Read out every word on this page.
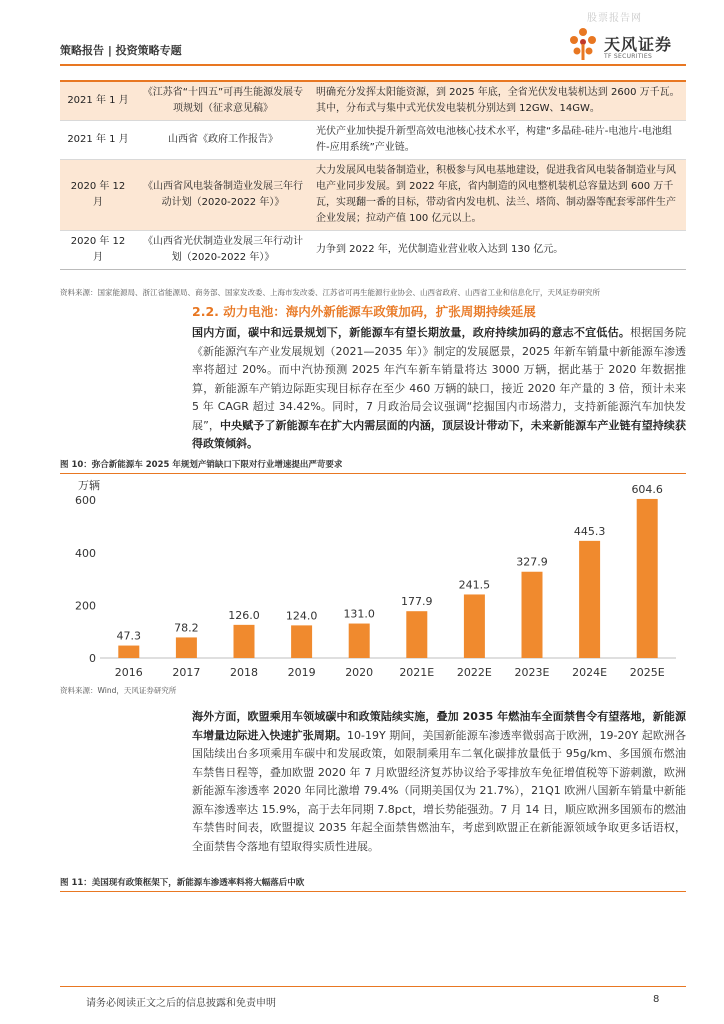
股票报告网
策略报告 | 投资策略专题	天风证券
TF SECURITIES
2021 年 1 月	《江苏省“十四五”可再生能源发展专项规划（征求意见稿》	明确充分发挥太阳能资源，到 2025 年底，全省光伏发电装机达到 2600 万千瓦。其中，分布式与集中式光伏发电装机分别达到 12GW、14GW。
2021 年 1 月	山西省《政府工作报告》	光伏产业加快提升新型高效电池核心技术水平，构建“多晶硅-硅片-电池片-电池组件-应用系统”产业链。
2020 年 12 月	《山西省风电装备制造业发展三年行动计划（2020-2022 年）》	大力发展风电装备制造业，积极参与风电基地建设，促进我省风电装备制造业与风电产业同步发展。到 2022 年底，省内制造的风电整机装机总容量达到 600 万千瓦，实现翻一番的目标，带动省内发电机、法兰、塔筒、制动器等配套零部件生产企业发展；拉动产值 100 亿元以上。
2020 年 12 月	《山西省光伏制造业发展三年行动计划（2020-2022 年）》	力争到 2022 年，光伏制造业营业收入达到 130 亿元。
资料来源：国家能源局、浙江省能源局、商务部、国家发改委、上海市发改委、江苏省可再生能源行业协会、山西省政府、山西省工业和信息化厅，天风证券研究所
2.2. 动力电池：海内外新能源车政策加码，扩张周期持续延展
国内方面，碳中和远景规划下，新能源车有望长期放量，政府持续加码的意志不宜低估。根据国务院《新能源汽车产业发展规划（2021—2035 年）》制定的发展愿景，2025 年新车销量中新能源车渗透率将超过 20%。而中汽协预测 2025 年汽车新车销量将达 3000 万辆，据此基于 2020 年数据推算，新能源车产销边际距实现目标存在至少 460 万辆的缺口，接近 2020 年产量的 3 倍，预计未来 5 年 CAGR 超过 34.42%。同时，7 月政治局会议强调“挖掘国内市场潜力，支持新能源汽车加快发展”，中央赋予了新能源车在扩大内需层面的内涵，顶层设计带动下，未来新能源车产业链有望持续获得政策倾斜。
图 10：弥合新能源车 2025 年规划产销缺口下限对行业增速提出严苛要求
万辆
0
200
400
600
47.3
2016
78.2
2017
126.0
2018
124.0
2019
131.0
2020
177.9
2021E
241.5
2022E
327.9
2023E
445.3
2024E
604.6
2025E
资料来源：Wind，天风证券研究所
海外方面，欧盟乘用车领域碳中和政策陆续实施，叠加 2035 年燃油车全面禁售令有望落地，新能源车增量边际进入快速扩张周期。10-19Y 期间，美国新能源车渗透率微弱高于欧洲，19-20Y 起欧洲各国陆续出台多项乘用车碳中和发展政策，如限制乘用车二氧化碳排放量低于 95g/km、多国颁布燃油车禁售日程等，叠加欧盟 2020 年 7 月欧盟经济复苏协议给予零排放车免征增值税等下游刺激，欧洲新能源车渗透率 2020 年同比激增 79.4%（同期美国仅为 21.7%），21Q1 欧洲八国新车销量中新能源车渗透率达 15.9%，高于去年同期 7.8pct，增长势能强劲。7 月 14 日，顺应欧洲多国颁布的燃油车禁售时间表，欧盟提议 2035 年起全面禁售燃油车，考虑到欧盟正在新能源领域争取更多话语权，全面禁售令落地有望取得实质性进展。
图 11：美国现有政策框架下，新能源车渗透率料将大幅落后中欧
请务必阅读正文之后的信息披露和免责申明	8
